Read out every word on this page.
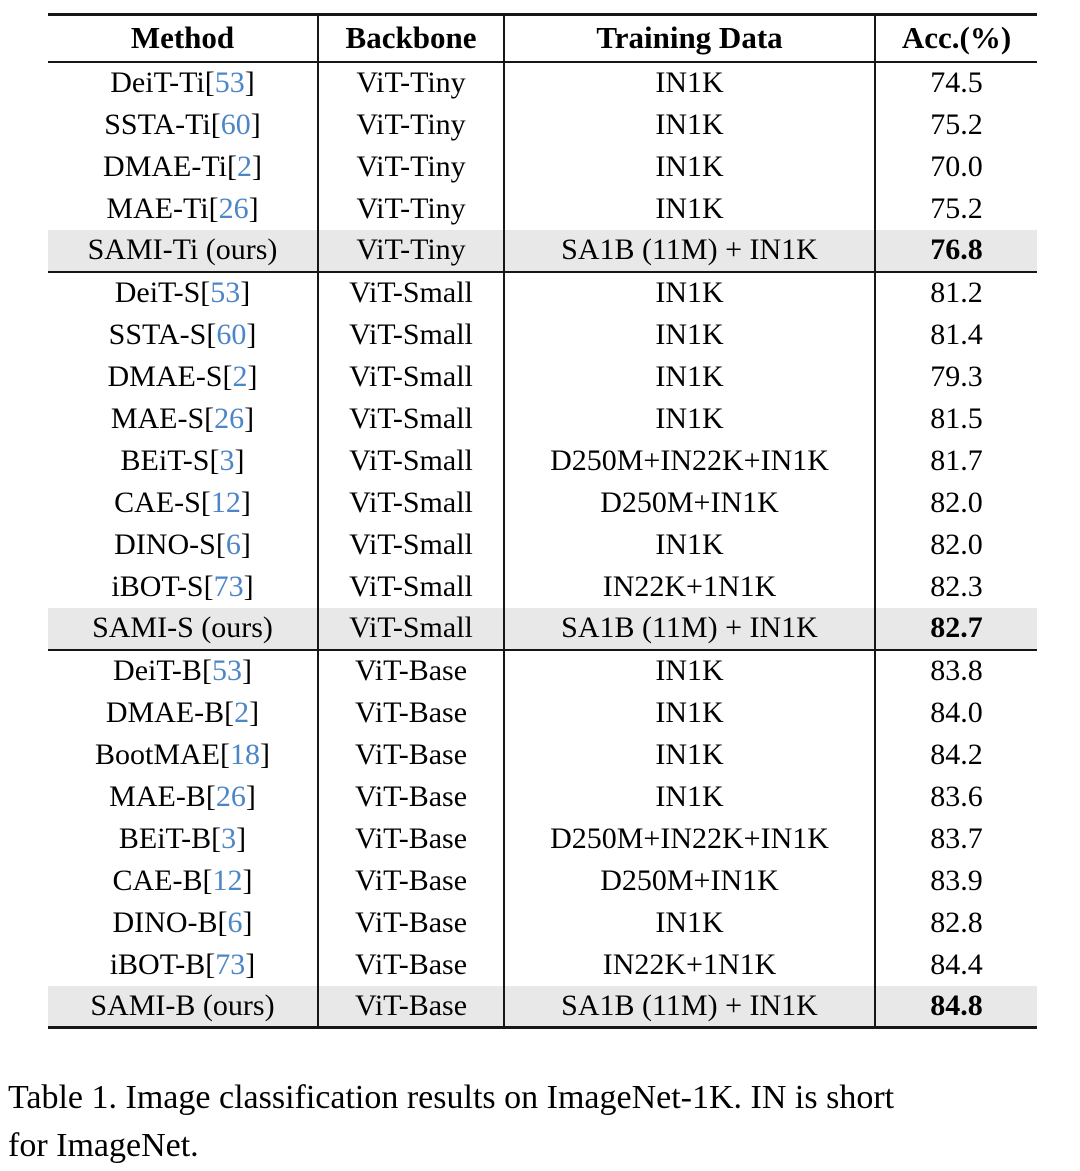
Method	Backbone	Training Data	Acc.(%)
DeiT-Ti[53]	ViT-Tiny	IN1K	74.5
SSTA-Ti[60]	ViT-Tiny	IN1K	75.2
DMAE-Ti[2]	ViT-Tiny	IN1K	70.0
MAE-Ti[26]	ViT-Tiny	IN1K	75.2
SAMI-Ti (ours)	ViT-Tiny	SA1B (11M) + IN1K	76.8
DeiT-S[53]	ViT-Small	IN1K	81.2
SSTA-S[60]	ViT-Small	IN1K	81.4
DMAE-S[2]	ViT-Small	IN1K	79.3
MAE-S[26]	ViT-Small	IN1K	81.5
BEiT-S[3]	ViT-Small	D250M+IN22K+IN1K	81.7
CAE-S[12]	ViT-Small	D250M+IN1K	82.0
DINO-S[6]	ViT-Small	IN1K	82.0
iBOT-S[73]	ViT-Small	IN22K+1N1K	82.3
SAMI-S (ours)	ViT-Small	SA1B (11M) + IN1K	82.7
DeiT-B[53]	ViT-Base	IN1K	83.8
DMAE-B[2]	ViT-Base	IN1K	84.0
BootMAE[18]	ViT-Base	IN1K	84.2
MAE-B[26]	ViT-Base	IN1K	83.6
BEiT-B[3]	ViT-Base	D250M+IN22K+IN1K	83.7
CAE-B[12]	ViT-Base	D250M+IN1K	83.9
DINO-B[6]	ViT-Base	IN1K	82.8
iBOT-B[73]	ViT-Base	IN22K+1N1K	84.4
SAMI-B (ours)	ViT-Base	SA1B (11M) + IN1K	84.8
Table 1. Image classification results on ImageNet-1K. IN is short
for ImageNet.
